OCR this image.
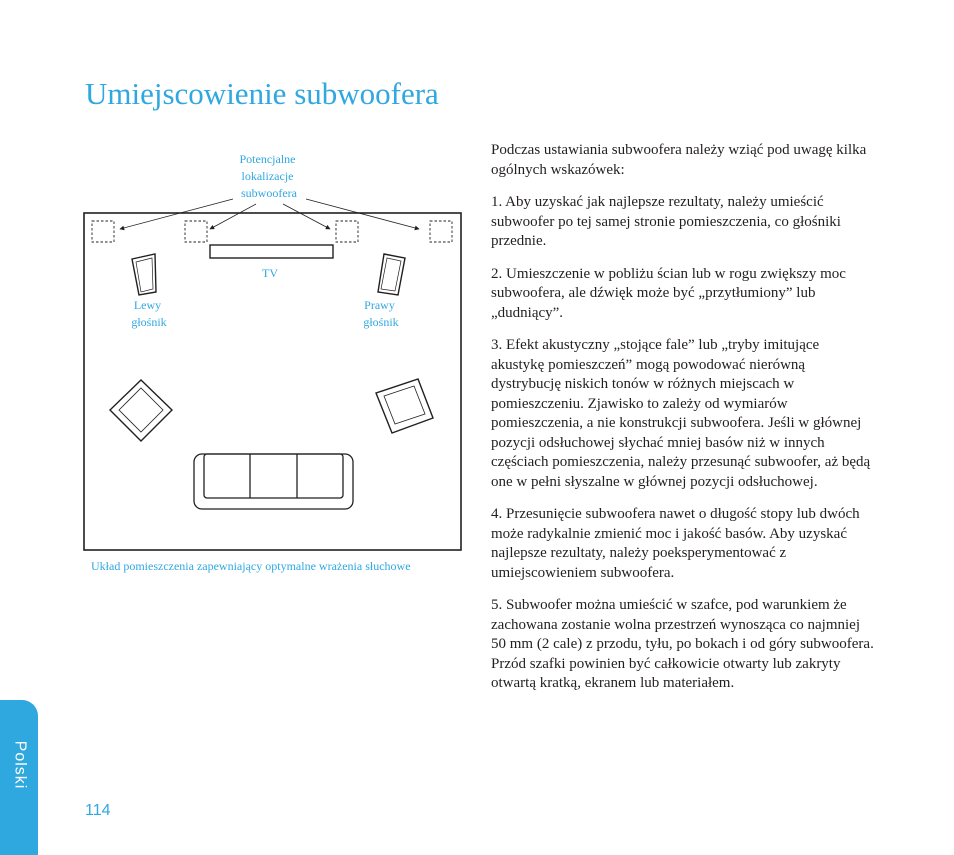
Umiejscowienie subwoofera
Potencjalne lokalizacje subwoofera
TV
Lewy głośnik
Prawy głośnik

Układ pomieszczenia zapewniający optymalne wrażenia słuchowe

Podczas ustawiania subwoofera należy wziąć pod uwagę kilka ogólnych wskazówek:

1. Aby uzyskać jak najlepsze rezultaty, należy umieścić subwoofer po tej samej stronie pomieszczenia, co głośniki przednie.

2. Umieszczenie w pobliżu ścian lub w rogu zwiększy moc subwoofera, ale dźwięk może być „przytłumiony” lub „dudniący”.

3. Efekt akustyczny „stojące fale” lub „tryby imitujące akustykę pomieszczeń” mogą powodować nierówną dystrybucję niskich tonów w różnych miejscach w pomieszczeniu. Zjawisko to zależy od wymiarów pomieszczenia, a nie konstrukcji subwoofera. Jeśli w głównej pozycji odsłuchowej słychać mniej basów niż w innych częściach pomieszczenia, należy przesunąć subwoofer, aż będą one w pełni słyszalne w głównej pozycji odsłuchowej.

4. Przesunięcie subwoofera nawet o długość stopy lub dwóch może radykalnie zmienić moc i jakość basów. Aby uzyskać najlepsze rezultaty, należy poeksperymentować z umiejscowieniem subwoofera.

5. Subwoofer można umieścić w szafce, pod warunkiem że zachowana zostanie wolna przestrzeń wynosząca co najmniej 50 mm (2 cale) z przodu, tyłu, po bokach i od góry subwoofera. Przód szafki powinien być całkowicie otwarty lub zakryty otwartą kratką, ekranem lub materiałem.

Polski

114
